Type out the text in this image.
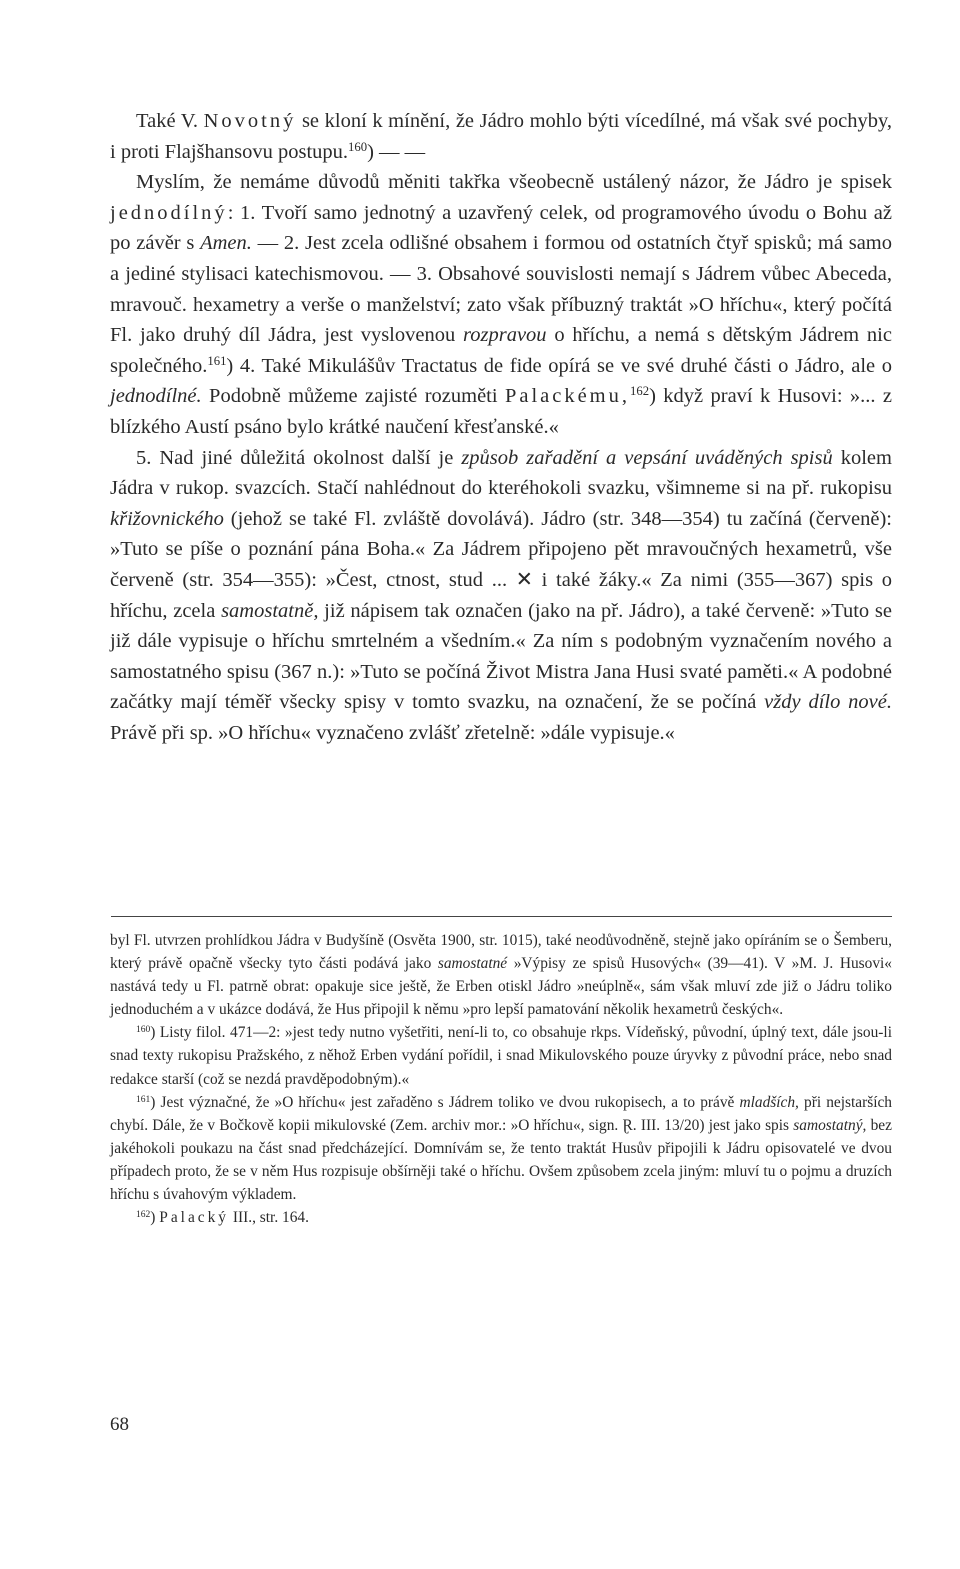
Také V. Novotný se kloní k mínění, že Jádro mohlo býti vícedílné, má však své pochyby, i proti Flajšhansovu postupu.$^{160}$) — —

Myslím, že nemáme důvodů měniti takřka všeobecně ustálený názor, že Jádro je spisek jednodílný: 1. Tvoří samo jednotný a uzavřený celek, od programového úvodu o Bohu až po závěr s Amen. — 2. Jest zcela odlišné obsahem i formou od ostatních čtyř spisků; má samo a jediné stylisaci katechismovou. — 3. Obsahové souvislosti nemají s Jádrem vůbec Abeceda, mravouč. hexametry a verše o manželství; zato však příbuzný traktát »O hříchu«, který počítá Fl. jako druhý díl Jádra, jest vyslovenou rozpravou o hříchu, a nemá s dětským Jádrem nic společného.$^{161}$) 4. Také Mikulášův Tractatus de fide opírá se ve své druhé části o Jádro, ale o jednodílné. Podobně můžeme zajisté rozuměti Palackému,$^{162}$) když praví k Husovi: »... z blízkého Austí psáno bylo krátké naučení křesťanské.«

5. Nad jiné důležitá okolnost další je způsob zařadění a vepsání uváděných spisů kolem Jádra v rukop. svazcích. Stačí nahlédnout do kteréhokoli svazku, všimneme si na př. rukopisu křižovnického (jehož se také Fl. zvláště dovolává). Jádro (str. 348—354) tu začíná (červeně): »Tuto se píše o poznání pána Boha.« Za Jádrem připojeno pět mravoučných hexametrů, vše červeně (str. 354—355): »Čest, ctnost, stud ... ✕ i také žáky.« Za nimi (355—367) spis o hříchu, zcela samostatně, již nápisem tak označen (jako na př. Jádro), a také červeně: »Tuto se již dále vypisuje o hříchu smrtelném a všedním.« Za ním s podobným vyznačením nového a samostatného spisu (367 n.): »Tuto se počíná Život Mistra Jana Husi svaté paměti.« A podobné začátky mají téměř všecky spisy v tomto svazku, na označení, že se počíná vždy dílo nové. Právě při sp. »O hříchu« vyznačeno zvlášť zřetelně: »dále vypisuje.«

byl Fl. utvrzen prohlídkou Jádra v Budyšíně (Osvěta 1900, str. 1015), také neodůvodněně, stejně jako opíráním se o Šemberu, který právě opačně všecky tyto části podává jako samostatné »Výpisy ze spisů Husových« (39—41). V »M. J. Husovi« nastává tedy u Fl. patrně obrat: opakuje sice ještě, že Erben otiskl Jádro »neúplně«, sám však mluví zde již o Jádru toliko jednoduchém a v ukázce dodává, že Hus připojil k němu »pro lepší pamatování několik hexametrů českých«.

$^{160}$) Listy filol. 471—2: »jest tedy nutno vyšetřiti, není-li to, co obsahuje rkps. Vídeňský, původní, úplný text, dále jsou-li snad texty rukopisu Pražského, z něhož Erben vydání pořídil, i snad Mikulovského pouze úryvky z původní práce, nebo snad redakce starší (což se nezdá pravděpodobným).«

$^{161}$) Jest význačné, že »O hříchu« jest zařaděno s Jádrem toliko ve dvou rukopisech, a to právě mladších, při nejstarších chybí. Dále, že v Bočkově kopii mikulovské (Zem. archiv mor.: »O hříchu«, sign. Ɽ. III. 13/20) jest jako spis samostatný, bez jakéhokoli poukazu na část snad předcházející. Domnívám se, že tento traktát Husův připojili k Jádru opisovatelé ve dvou případech proto, že se v něm Hus rozpisuje obšírněji také o hříchu. Ovšem způsobem zcela jiným: mluví tu o pojmu a druzích hříchu s úvahovým výkladem.

$^{162}$) Palacký III., str. 164.

68
